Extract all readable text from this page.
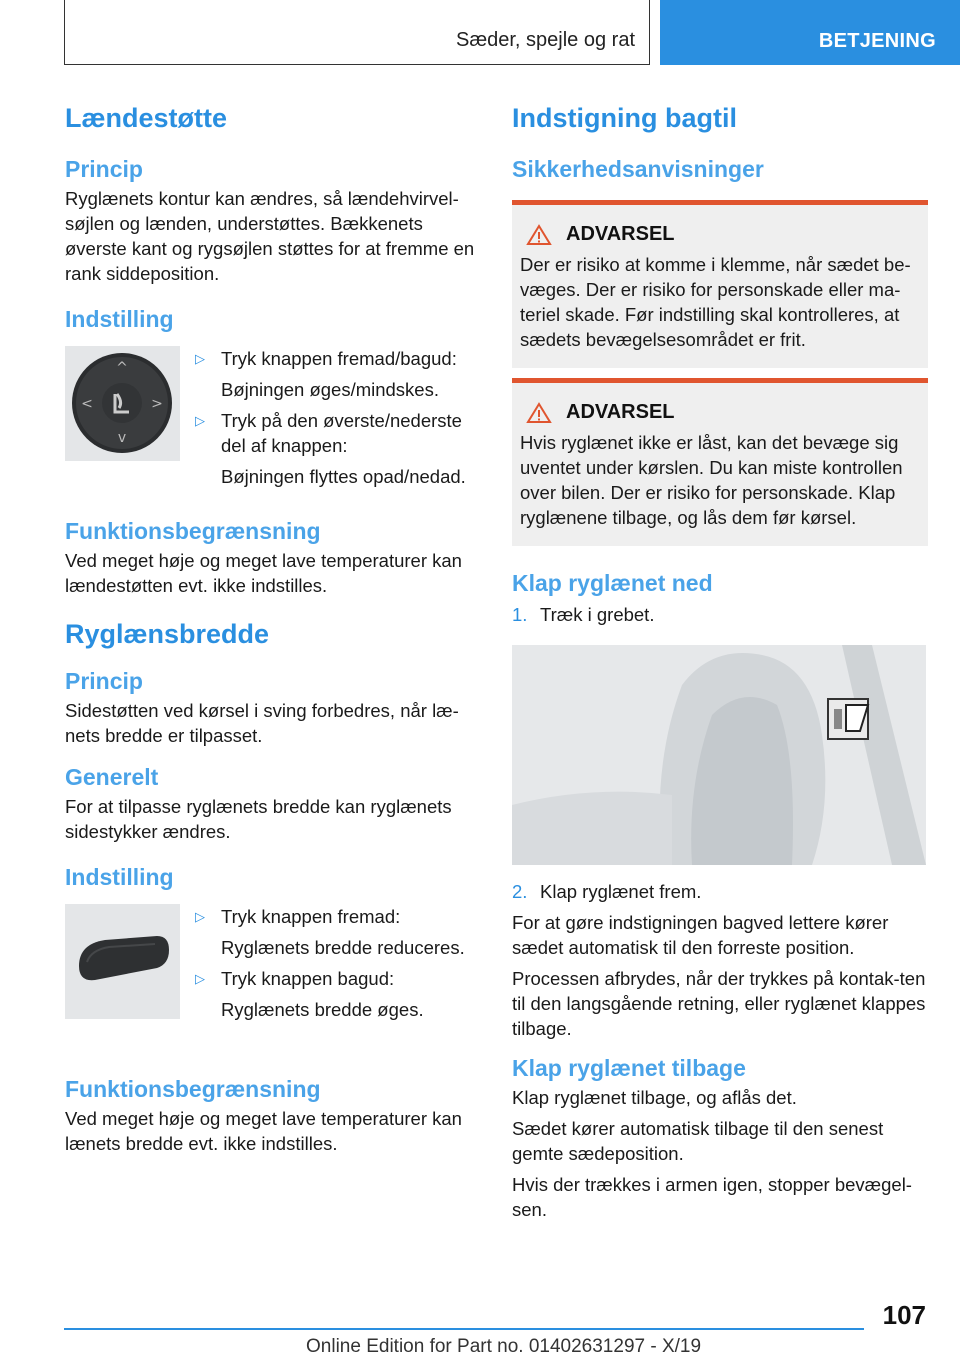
Sæder, spejle og rat	BETJENING
Lændestøtte
Princip

Ryglænets kontur kan ændres, så lændehvirvel-søjlen og lænden, understøttes. Bækkenets øverste kant og rygsøjlen støttes for at fremme en rank siddeposition.

Indstilling
^
v
<	>
▷ Tryk knappen fremad/bagud:
Bøjningen øges/mindskes.
▷ Tryk på den øverste/nederste del af knappen:
Bøjningen flyttes opad/nedad.
Funktionsbegrænsning

Ved meget høje og meget lave temperaturer kan lændestøtten evt. ikke indstilles.

Ryglænsbredde
Princip

Sidestøtten ved kørsel i sving forbedres, når læ-nets bredde er tilpasset.

Generelt

For at tilpasse ryglænets bredde kan ryglænets sidestykker ændres.

Indstilling
▷ Tryk knappen fremad:
Ryglænets bredde reduceres.
▷ Tryk knappen bagud:
Ryglænets bredde øges.
Funktionsbegrænsning

Ved meget høje og meget lave temperaturer kan lænets bredde evt. ikke indstilles.

Indstigning bagtil
Sikkerhedsanvisninger
ADVARSEL

Der er risiko at komme i klemme, når sædet be-væges. Der er risiko for personskade eller ma-teriel skade. Før indstilling skal kontrolleres, at sædets bevægelsesområdet er frit.

ADVARSEL

Hvis ryglænet ikke er låst, kan det bevæge sig uventet under kørslen. Du kan miste kontrollen over bilen. Der er risiko for personskade. Klap ryglænene tilbage, og lås dem før kørsel.

Klap ryglænet ned
1. Træk i grebet.
2. Klap ryglænet frem.

For at gøre indstigningen bagved lettere kører sædet automatisk til den forreste position.

Processen afbrydes, når der trykkes på kontak-ten til den langsgående retning, eller ryglænet klappes tilbage.

Klap ryglænet tilbage

Klap ryglænet tilbage, og aflås det.

Sædet kører automatisk tilbage til den senest gemte sædeposition.

Hvis der trækkes i armen igen, stopper bevægel-sen.

107
Online Edition for Part no. 01402631297 - X/19
